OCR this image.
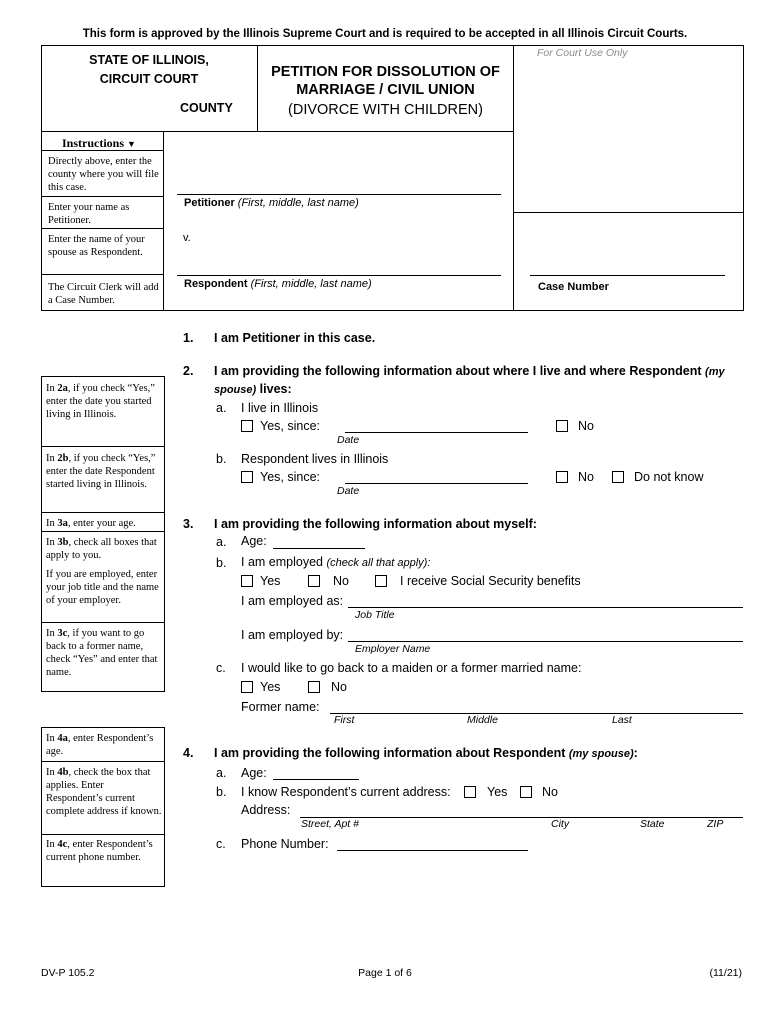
This form is approved by the Illinois Supreme Court and is required to be accepted in all Illinois Circuit Courts.
STATE OF ILLINOIS,
CIRCUIT COURT
COUNTY
PETITION FOR DISSOLUTION OF
MARRIAGE / CIVIL UNION
(DIVORCE WITH CHILDREN)
For Court Use Only
Instructions ▼
Directly above, enter the county where you will file this case.
Enter your name as Petitioner.
Enter the name of your spouse as Respondent.
The Circuit Clerk will add a Case Number.
Petitioner (First, middle, last name)
v.
Respondent (First, middle, last name)	Case Number
1. I am Petitioner in this case.
2. I am providing the following information about where I live and where Respondent (my
spouse) lives:
a. I live in Illinois
Yes, since:
Date
No
b. Respondent lives in Illinois
Yes, since:
Date
No	Do not know
3. I am providing the following information about myself:
a. Age:
b. I am employed (check all that apply):
Yes	No	I receive Social Security benefits
I am employed as:
Job Title
I am employed by:
Employer Name
c. I would like to go back to a maiden or a former married name:
Yes	No
Former name:
First	Middle	Last
4. I am providing the following information about Respondent (my spouse):
a. Age:
b. I know Respondent’s current address:	Yes	No
Address:
Street, Apt #	City	State	ZIP
c. Phone Number:
In 2a, if you check “Yes,” enter the date you started living in Illinois.
In 2b, if you check “Yes,” enter the date Respondent started living in Illinois.
In 3a, enter your age.
In 3b, check all boxes that apply to you.
If you are employed, enter your job title and the name of your employer.
In 3c, if you want to go back to a former name, check “Yes” and enter that name.
In 4a, enter Respondent’s age.
In 4b, check the box that applies. Enter Respondent’s current complete address if known.
In 4c, enter Respondent’s current phone number.
DV-P 105.2	Page 1 of 6	(11/21)
